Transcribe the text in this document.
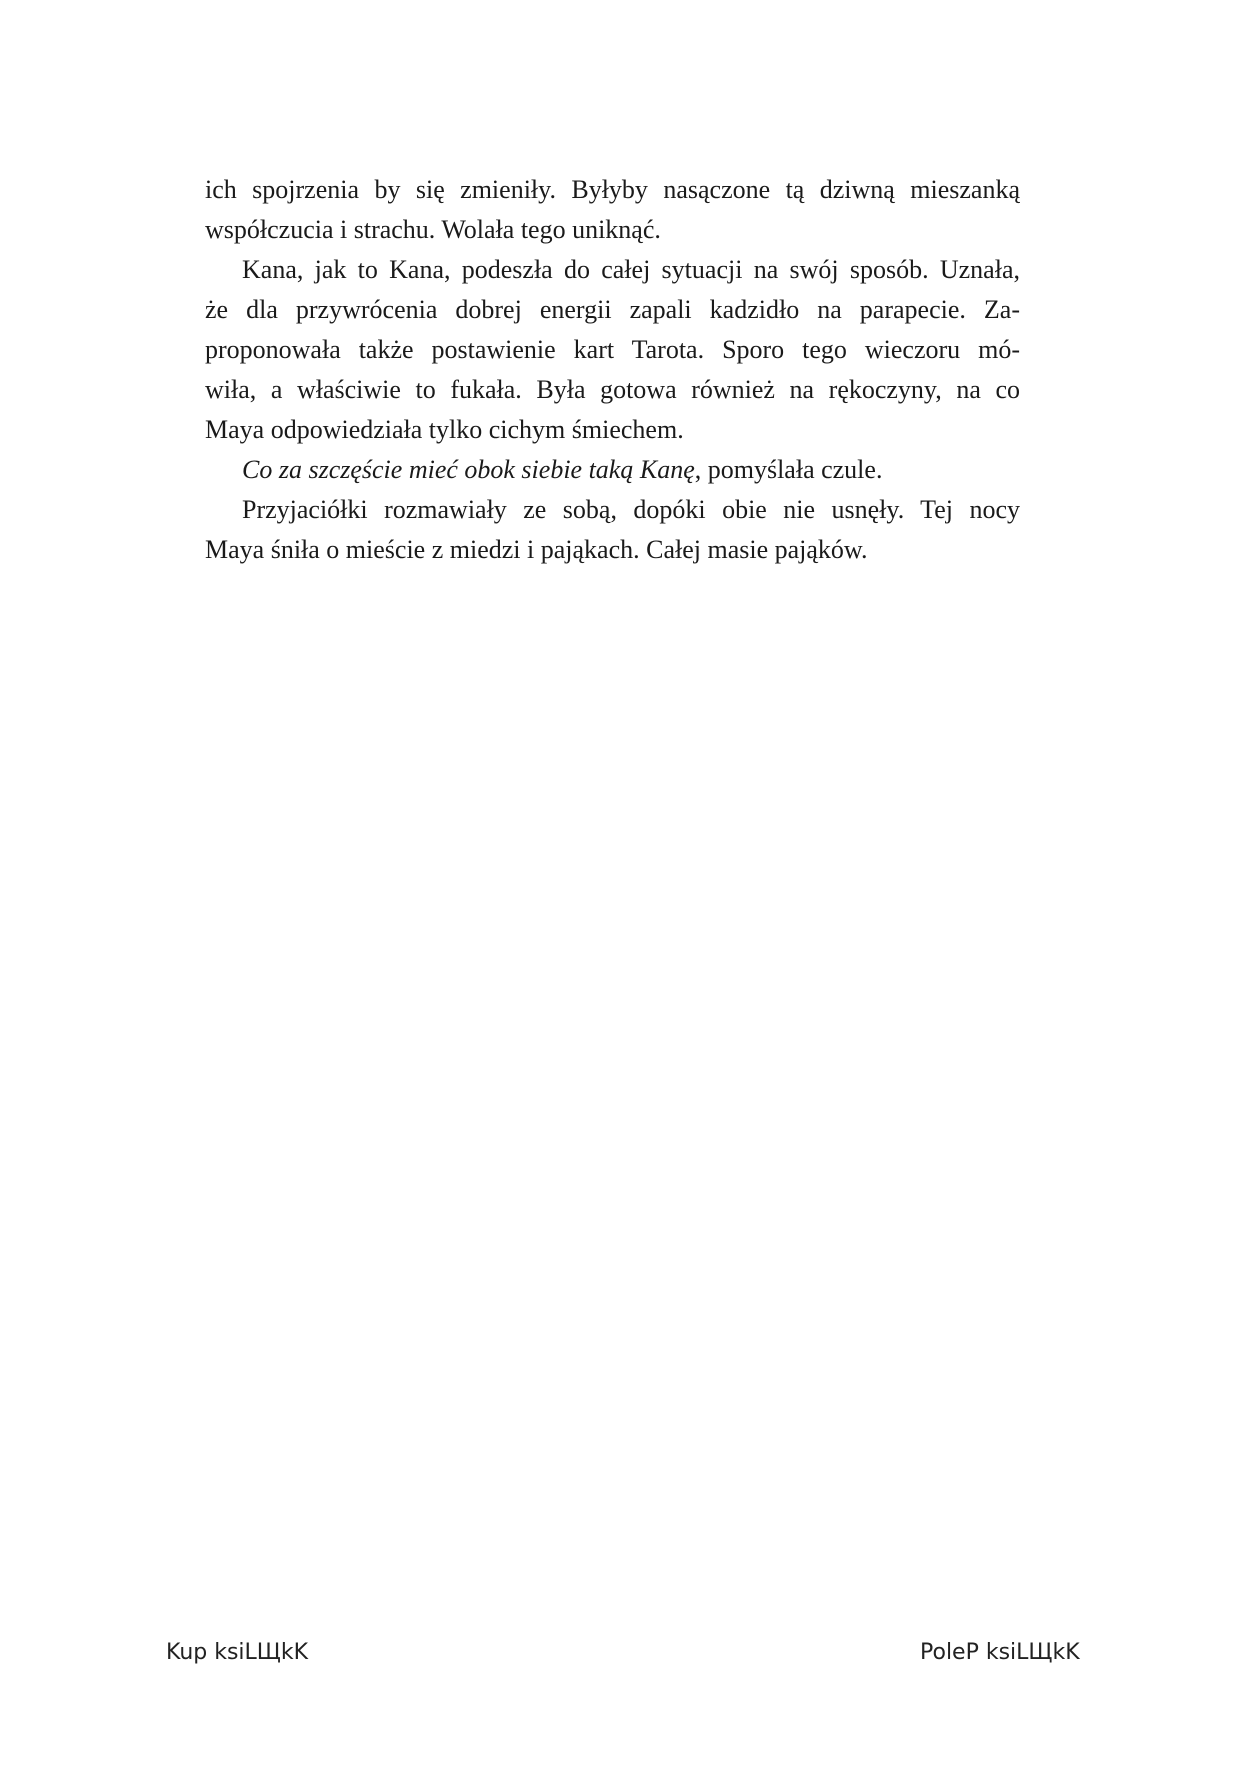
ich spojrzenia by się zmieniły. Byłyby nasączone tą dziwną mieszanką
współczucia i strachu. Wolała tego uniknąć.
Kana, jak to Kana, podeszła do całej sytuacji na swój sposób. Uznała,
że dla przywrócenia dobrej energii zapali kadzidło na parapecie. Za-
proponowała także postawienie kart Tarota. Sporo tego wieczoru mó-
wiła, a właściwie to fukała. Była gotowa również na rękoczyny, na co
Maya odpowiedziała tylko cichym śmiechem.
Co za szczęście mieć obok siebie taką Kanę, pomyślała czule.
Przyjaciółki rozmawiały ze sobą, dopóki obie nie usnęły. Tej nocy
Maya śniła o mieście z miedzi i pająkach. Całej masie pająków.
Kup ksiLЩkK	PoleP ksiLЩkK
